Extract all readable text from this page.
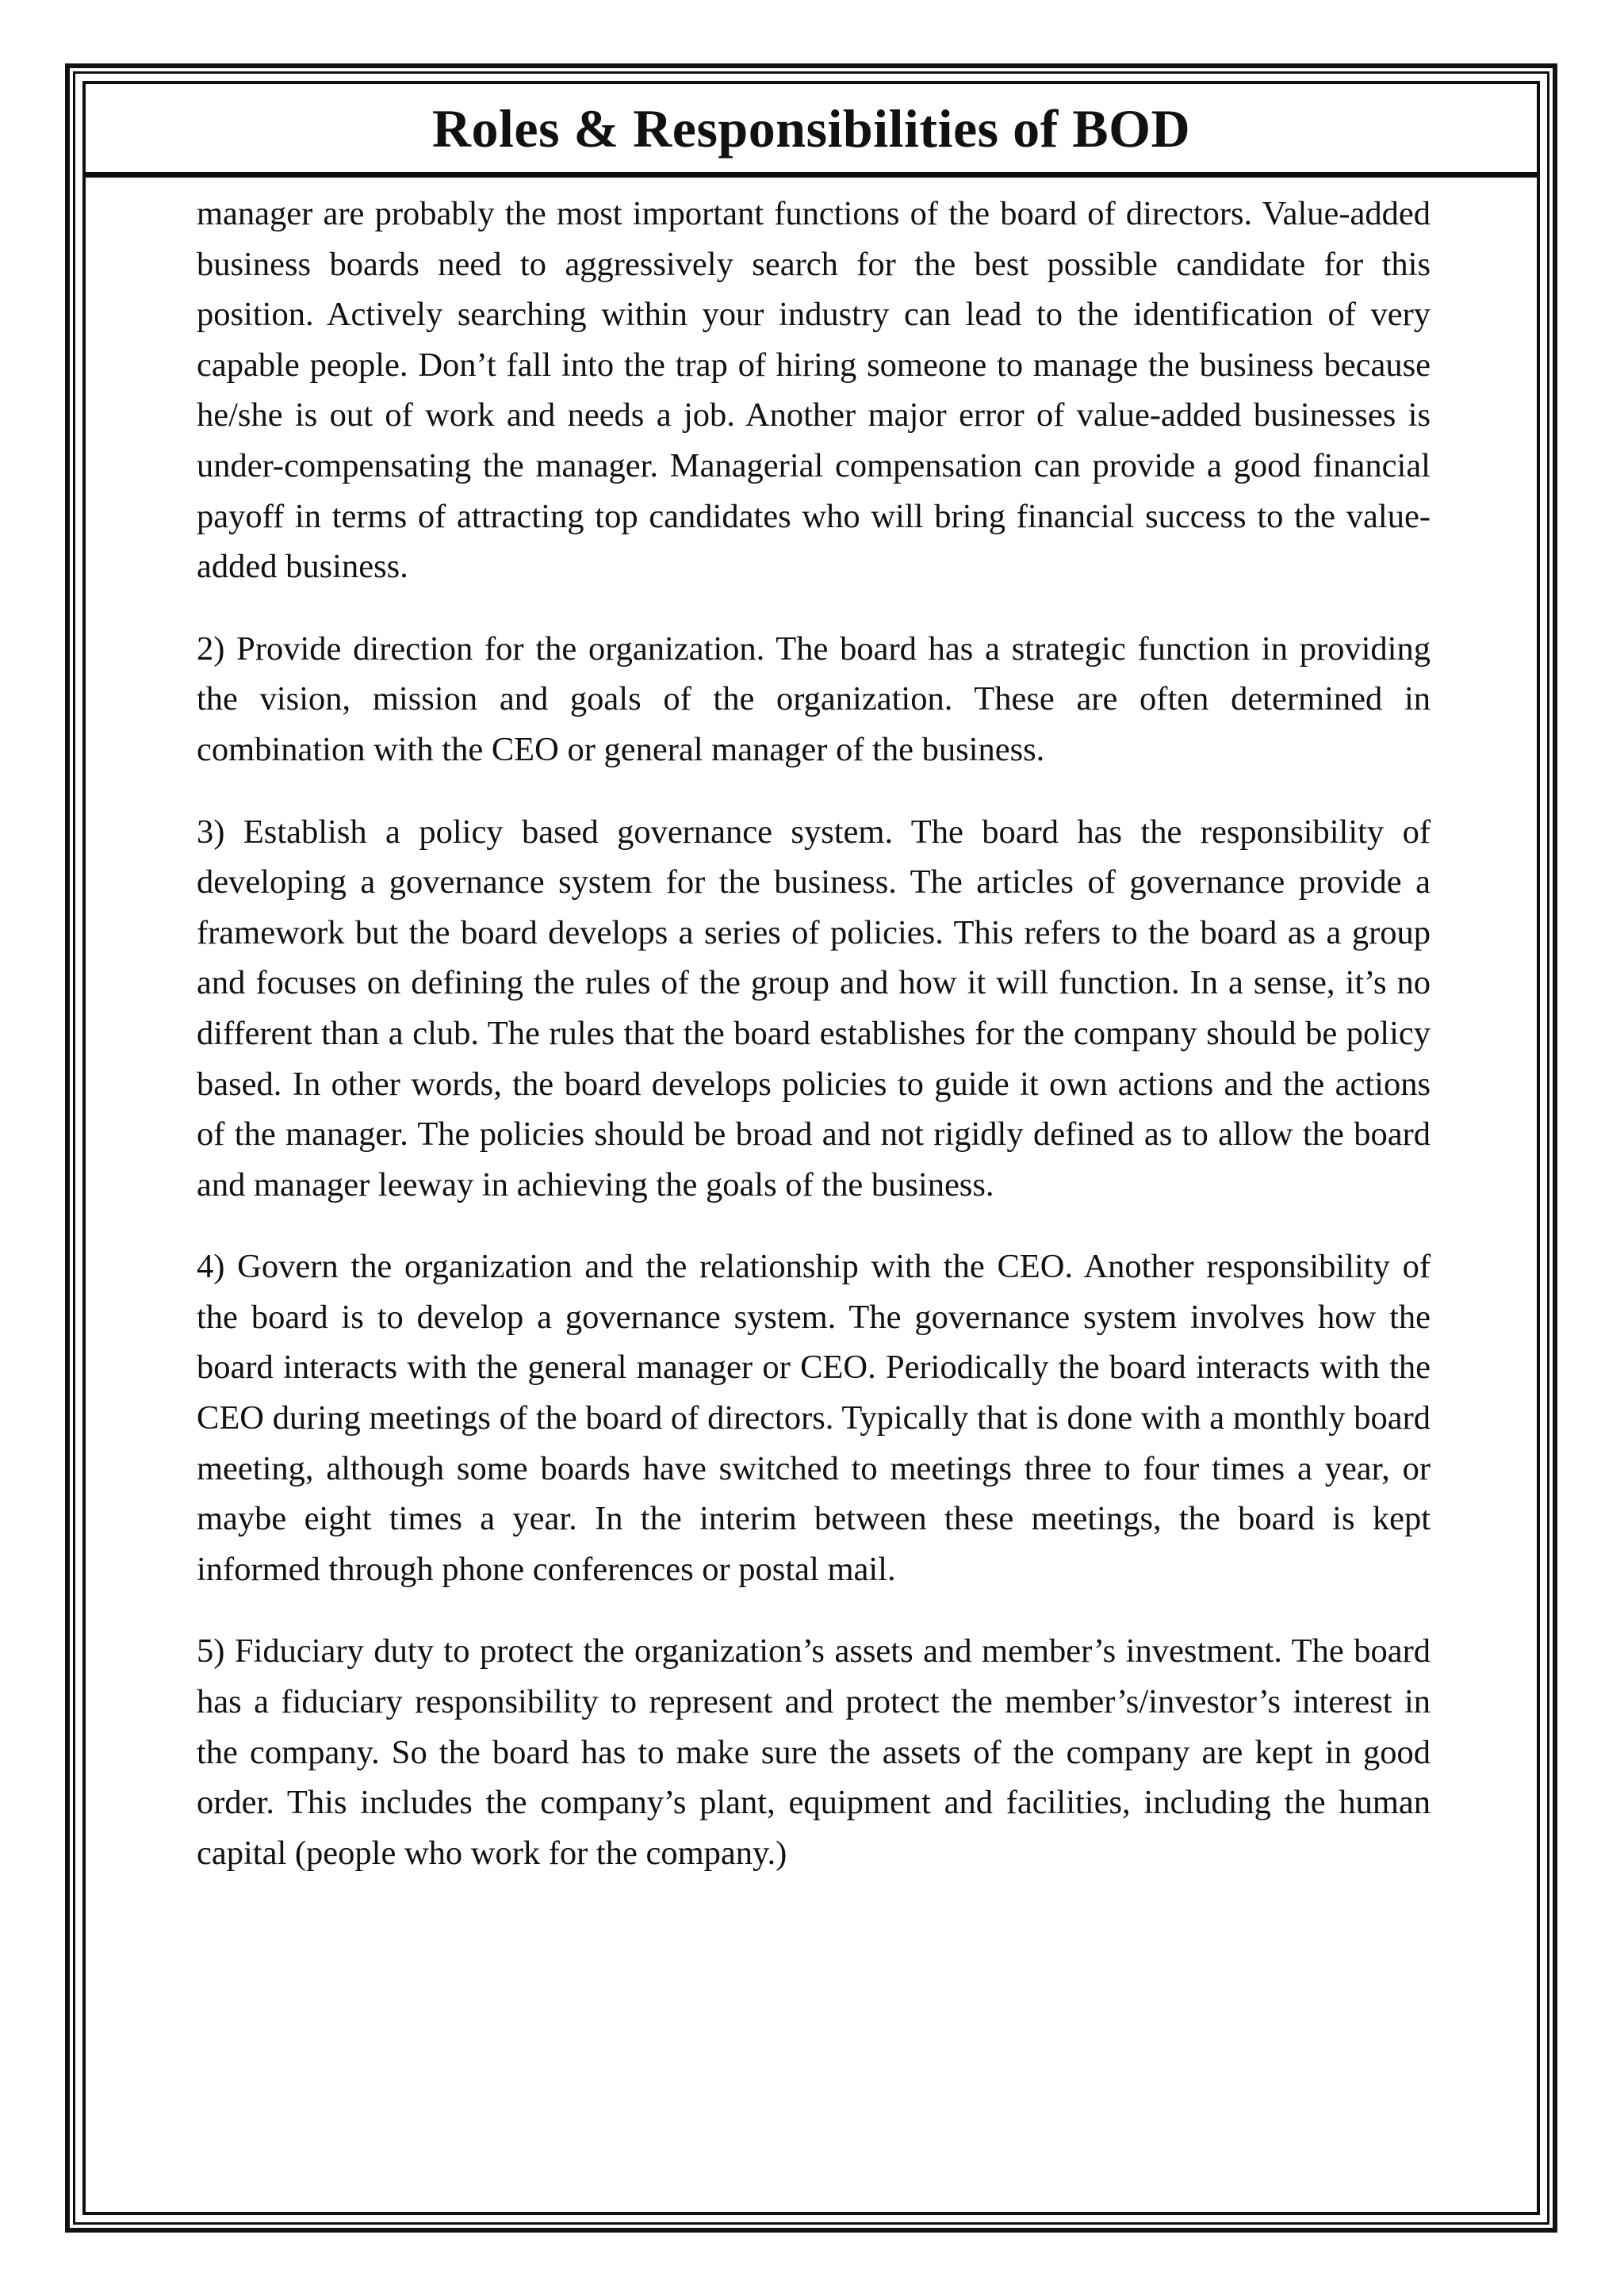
Roles & Responsibilities of BOD

manager are probably the most important functions of the board of directors. Value-added business boards need to aggressively search for the best possible candidate for this position. Actively searching within your industry can lead to the identification of very capable people. Don’t fall into the trap of hiring someone to manage the business because he/she is out of work and needs a job. Another major error of value-added businesses is under-compensating the manager. Managerial compensation can provide a good financial payoff in terms of attracting top candidates who will bring financial success to the value-added business.

2) Provide direction for the organization. The board has a strategic function in providing the vision, mission and goals of the organization. These are often determined in combination with the CEO or general manager of the business.

3) Establish a policy based governance system. The board has the responsibility of developing a governance system for the business. The articles of governance provide a framework but the board develops a series of policies. This refers to the board as a group and focuses on defining the rules of the group and how it will function. In a sense, it’s no different than a club. The rules that the board establishes for the company should be policy based. In other words, the board develops policies to guide it own actions and the actions of the manager. The policies should be broad and not rigidly defined as to allow the board and manager leeway in achieving the goals of the business.

4) Govern the organization and the relationship with the CEO. Another responsibility of the board is to develop a governance system. The governance system involves how the board interacts with the general manager or CEO. Periodically the board interacts with the CEO during meetings of the board of directors. Typically that is done with a monthly board meeting, although some boards have switched to meetings three to four times a year, or maybe eight times a year. In the interim between these meetings, the board is kept informed through phone conferences or postal mail.

5) Fiduciary duty to protect the organization’s assets and member’s investment. The board has a fiduciary responsibility to represent and protect the member’s/investor’s interest in the company. So the board has to make sure the assets of the company are kept in good order. This includes the company’s plant, equipment and facilities, including the human capital (people who work for the company.)
